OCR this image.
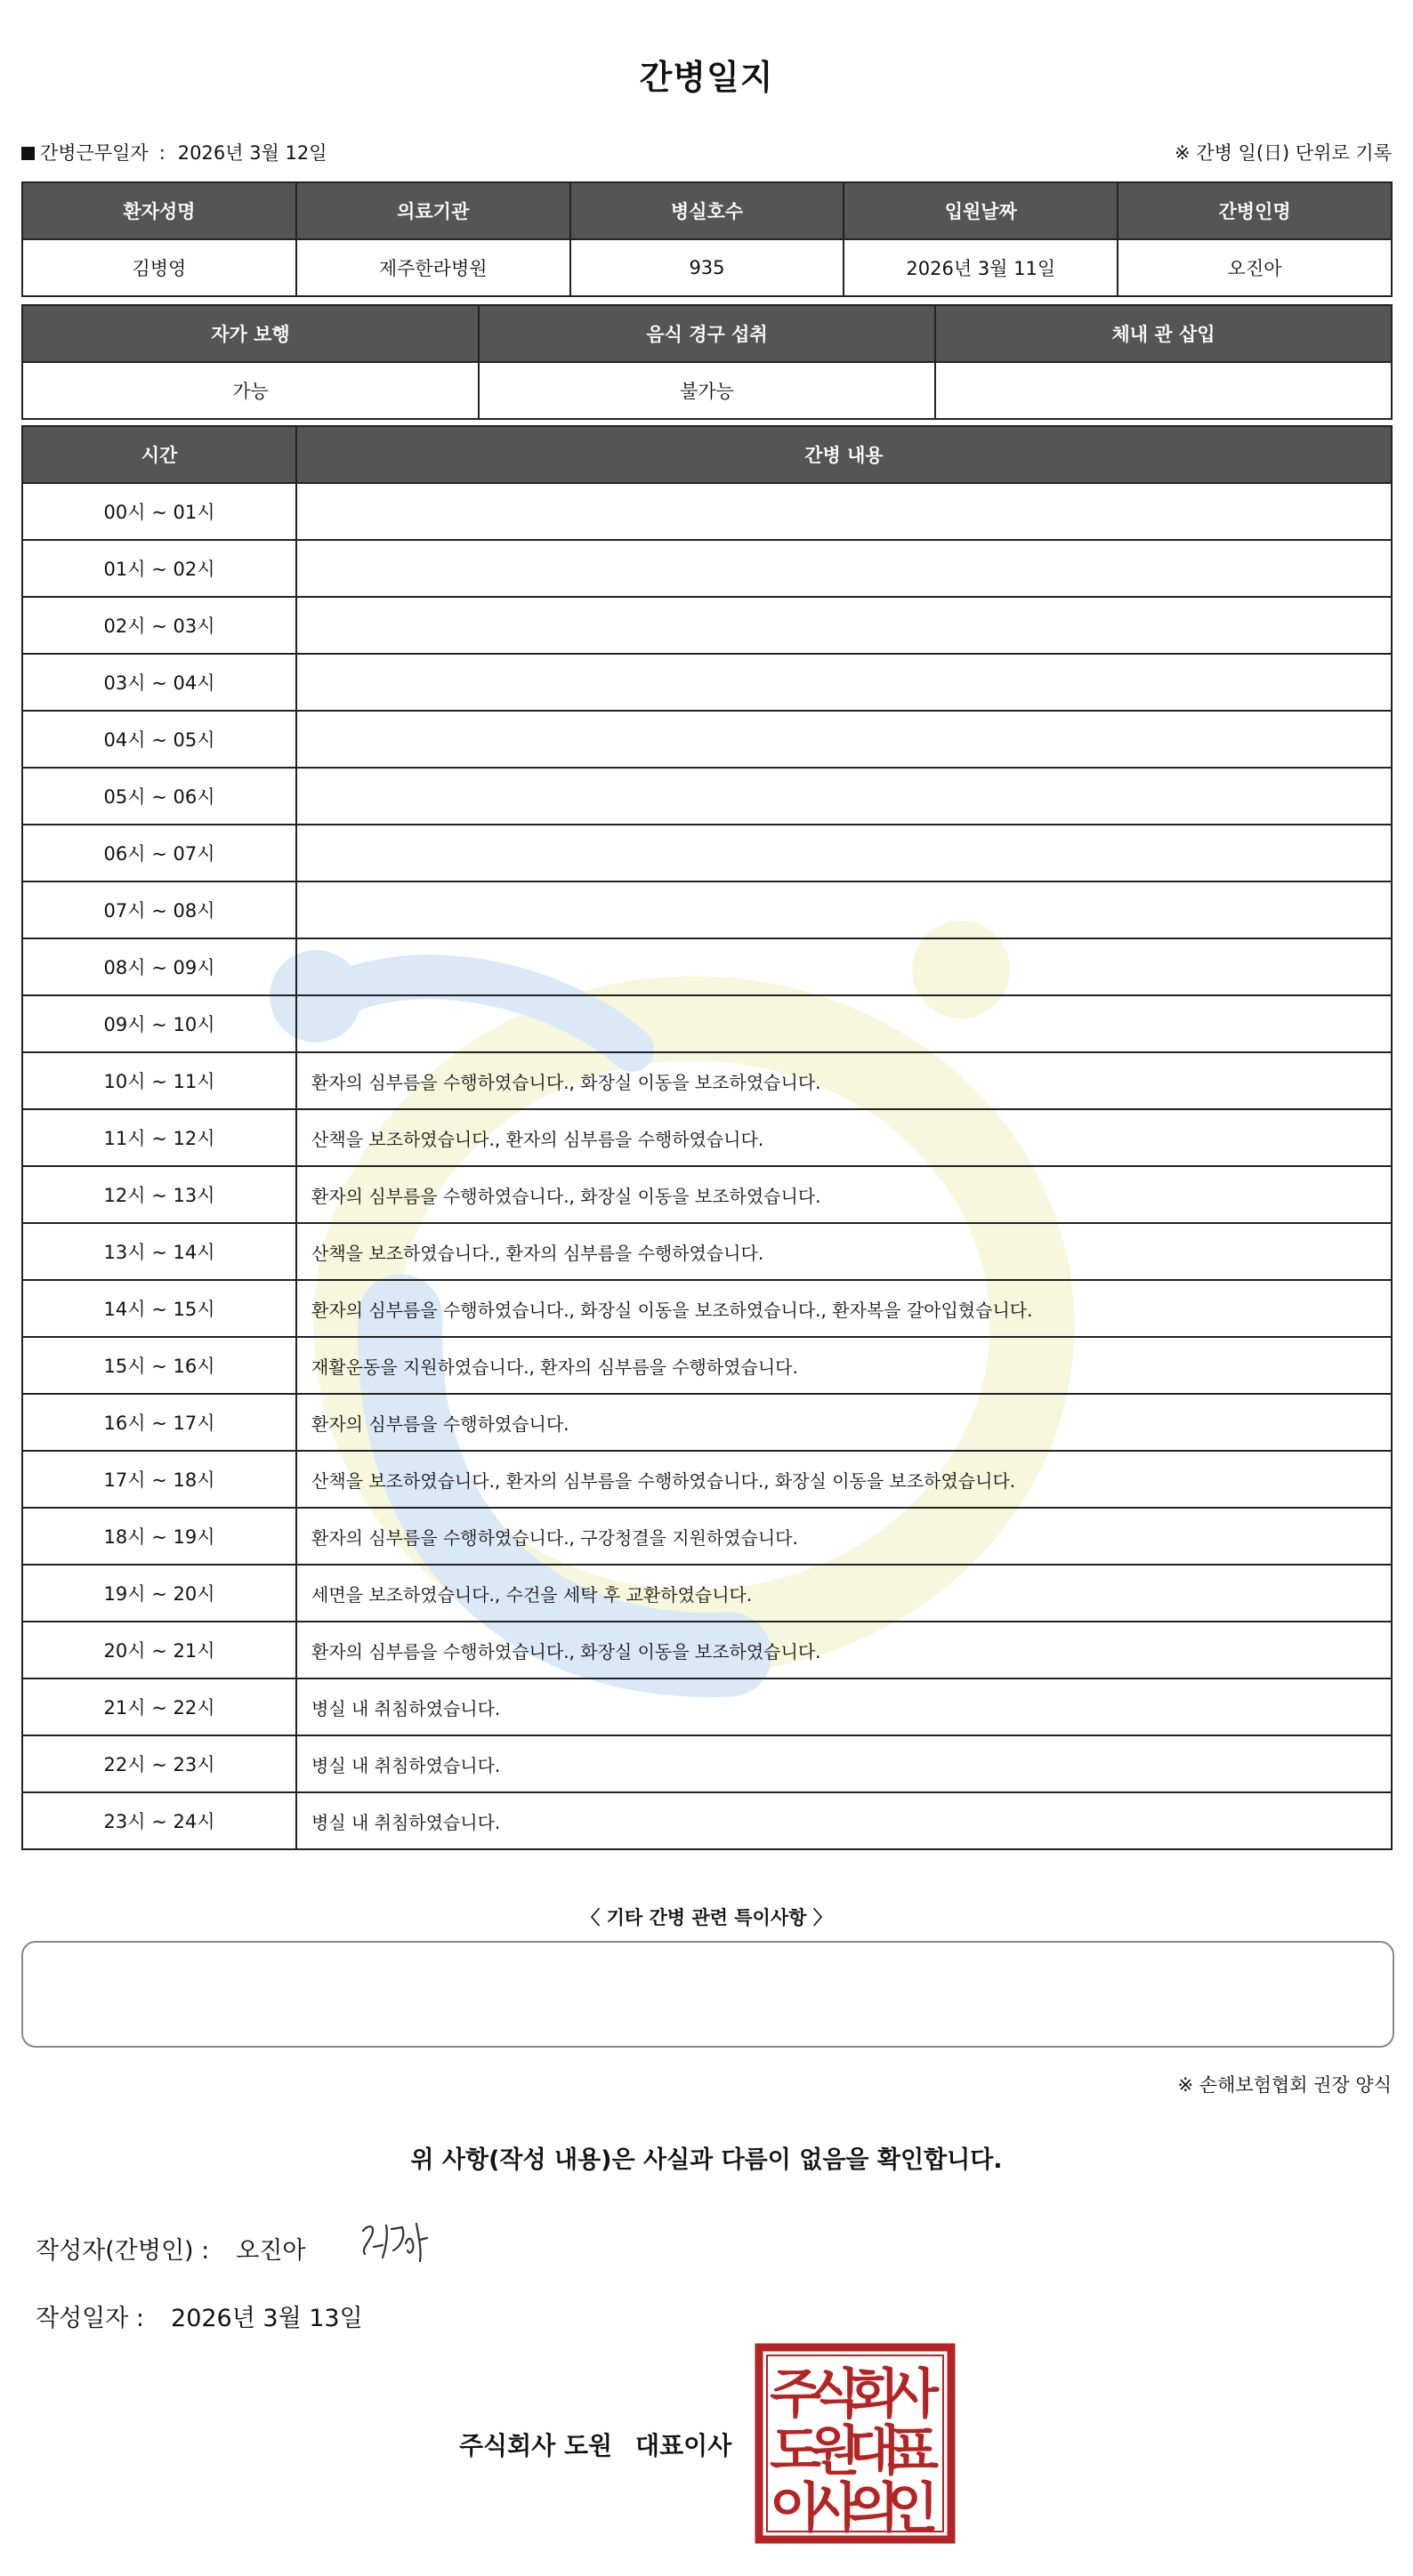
간병일지
간병근무일자 : 2026년 3월 12일	※ 간병 일(日) 단위로 기록
환자성명	의료기관	병실호수	입원날짜	간병인명
김병영	제주한라병원	935	2026년 3월 11일	오진아
자가 보행	음식 경구 섭취	체내 관 삽입
가능	불가능	
시간	간병 내용
00시 ~ 01시	
01시 ~ 02시	
02시 ~ 03시	
03시 ~ 04시	
04시 ~ 05시	
05시 ~ 06시	
06시 ~ 07시	
07시 ~ 08시	
08시 ~ 09시	
09시 ~ 10시	
10시 ~ 11시	환자의 심부름을 수행하였습니다., 화장실 이동을 보조하였습니다.
11시 ~ 12시	산책을 보조하였습니다., 환자의 심부름을 수행하였습니다.
12시 ~ 13시	환자의 심부름을 수행하였습니다., 화장실 이동을 보조하였습니다.
13시 ~ 14시	산책을 보조하였습니다., 환자의 심부름을 수행하였습니다.
14시 ~ 15시	환자의 심부름을 수행하였습니다., 화장실 이동을 보조하였습니다., 환자복을 갈아입혔습니다.
15시 ~ 16시	재활운동을 지원하였습니다., 환자의 심부름을 수행하였습니다.
16시 ~ 17시	환자의 심부름을 수행하였습니다.
17시 ~ 18시	산책을 보조하였습니다., 환자의 심부름을 수행하였습니다., 화장실 이동을 보조하였습니다.
18시 ~ 19시	환자의 심부름을 수행하였습니다., 구강청결을 지원하였습니다.
19시 ~ 20시	세면을 보조하였습니다., 수건을 세탁 후 교환하였습니다.
20시 ~ 21시	환자의 심부름을 수행하였습니다., 화장실 이동을 보조하였습니다.
21시 ~ 22시	병실 내 취침하였습니다.
22시 ~ 23시	병실 내 취침하였습니다.
23시 ~ 24시	병실 내 취침하였습니다.
〈 기타 간병 관련 특이사항 〉
※ 손해보험협회 권장 양식
위 사항(작성 내용)은 사실과 다름이 없음을 확인합니다.
작성자(간병인) : 오진아
작성일자 : 2026년 3월 13일
주식회사 도원 대표이사
주
식
회
사
도
원
대
표
이
사
의
인
